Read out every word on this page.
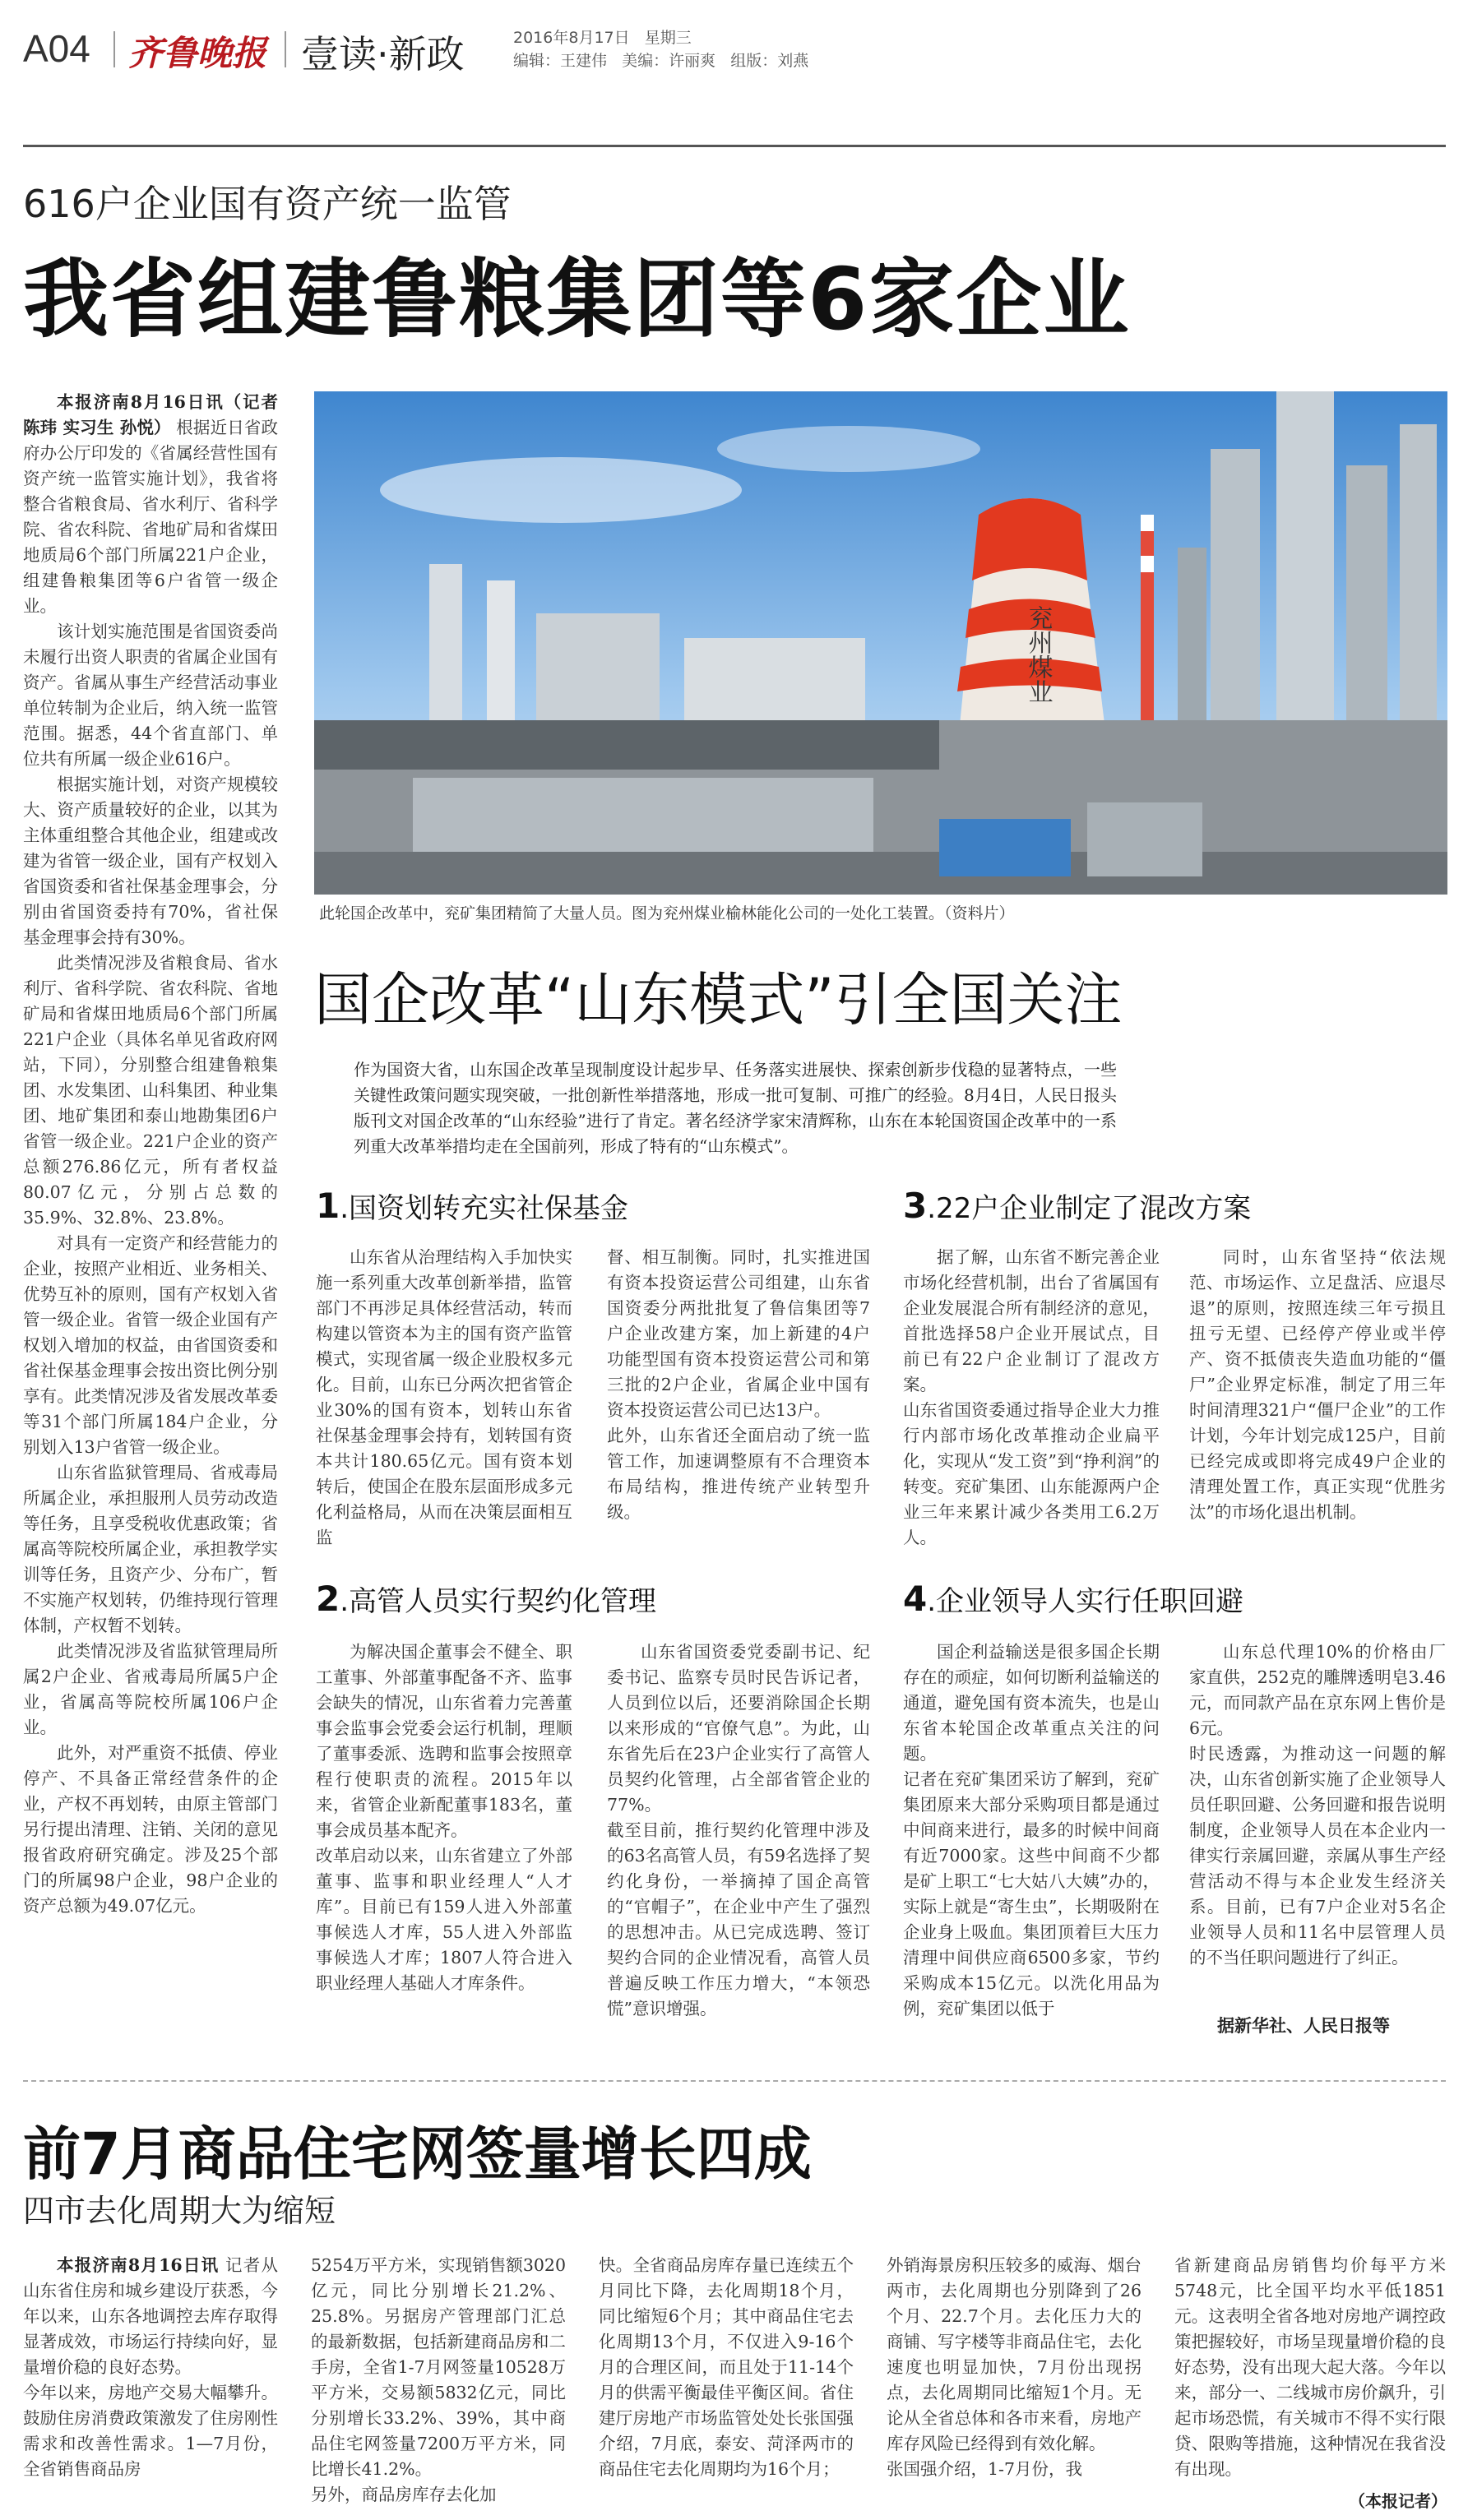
A04 齐鲁晚报 壹读·新政	2016年8月17日 星期三
编辑：王建伟 美编：许丽爽 组版：刘燕
616户企业国有资产统一监管
我省组建鲁粮集团等6家企业

本报济南8月16日讯（记者 陈玮 实习生 孙悦） 根据近日省政府办公厅印发的《省属经营性国有资产统一监管实施计划》，我省将整合省粮食局、省水利厅、省科学院、省农科院、省地矿局和省煤田地质局6个部门所属221户企业，组建鲁粮集团等6户省管一级企业。

该计划实施范围是省国资委尚未履行出资人职责的省属企业国有资产。省属从事生产经营活动事业单位转制为企业后，纳入统一监管范围。据悉，44个省直部门、单位共有所属一级企业616户。

根据实施计划，对资产规模较大、资产质量较好的企业，以其为主体重组整合其他企业，组建或改建为省管一级企业，国有产权划入省国资委和省社保基金理事会，分别由省国资委持有70%，省社保基金理事会持有30%。

此类情况涉及省粮食局、省水利厅、省科学院、省农科院、省地矿局和省煤田地质局6个部门所属221户企业（具体名单见省政府网站，下同），分别整合组建鲁粮集团、水发集团、山科集团、种业集团、地矿集团和泰山地勘集团6户省管一级企业。221户企业的资产总额276.86亿元，所有者权益80.07亿元，分别占总数的35.9%、32.8%、23.8%。

对具有一定资产和经营能力的企业，按照产业相近、业务相关、优势互补的原则，国有产权划入省管一级企业。省管一级企业国有产权划入增加的权益，由省国资委和省社保基金理事会按出资比例分别享有。此类情况涉及省发展改革委等31个部门所属184户企业，分别划入13户省管一级企业。

山东省监狱管理局、省戒毒局所属企业，承担服刑人员劳动改造等任务，且享受税收优惠政策；省属高等院校所属企业，承担教学实训等任务，且资产少、分布广，暂不实施产权划转，仍维持现行管理体制，产权暂不划转。

此类情况涉及省监狱管理局所属2户企业、省戒毒局所属5户企业，省属高等院校所属106户企业。

此外，对严重资不抵债、停业停产、不具备正常经营条件的企业，产权不再划转，由原主管部门另行提出清理、注销、关闭的意见报省政府研究确定。涉及25个部门的所属98户企业，98户企业的资产总额为49.07亿元。

兖州煤业
此轮国企改革中，兖矿集团精简了大量人员。图为兖州煤业榆林能化公司的一处化工装置。（资料片）
国企改革“山东模式”引全国关注
作为国资大省，山东国企改革呈现制度设计起步早、任务落实进展快、探索创新步伐稳的显著特点，一些关键性政策问题实现突破，一批创新性举措落地，形成一批可复制、可推广的经验。8月4日，人民日报头版刊文对国企改革的“山东经验”进行了肯定。著名经济学家宋清辉称，山东在本轮国资国企改革中的一系列重大改革举措均走在全国前列，形成了特有的“山东模式”。
1.国资划转充实社保基金
山东省从治理结构入手加快实施一系列重大改革创新举措，监管部门不再涉足具体经营活动，转而构建以管资本为主的国有资产监管模式，实现省属一级企业股权多元化。目前，山东已分两次把省管企业30%的国有资本，划转山东省社保基金理事会持有，划转国有资本共计180.65亿元。国有资本划转后，使国企在股东层面形成多元化利益格局，从而在决策层面相互监
督、相互制衡。同时，扎实推进国有资本投资运营公司组建，山东省国资委分两批批复了鲁信集团等7户企业改建方案，加上新建的4户功能型国有资本投资运营公司和第三批的2户企业，省属企业中国有资本投资运营公司已达13户。
此外，山东省还全面启动了统一监管工作，加速调整原有不合理资本布局结构，推进传统产业转型升级。
3.22户企业制定了混改方案
据了解，山东省不断完善企业市场化经营机制，出台了省属国有企业发展混合所有制经济的意见，首批选择58户企业开展试点，目前已有22户企业制订了混改方案。
山东省国资委通过指导企业大力推行内部市场化改革推动企业扁平化，实现从“发工资”到“挣利润”的转变。兖矿集团、山东能源两户企业三年来累计减少各类用工6.2万人。
同时，山东省坚持“依法规范、市场运作、立足盘活、应退尽退”的原则，按照连续三年亏损且扭亏无望、已经停产停业或半停产、资不抵债丧失造血功能的“僵尸”企业界定标准，制定了用三年时间清理321户“僵尸企业”的工作计划，今年计划完成125户，目前已经完成或即将完成49户企业的清理处置工作，真正实现“优胜劣汰”的市场化退出机制。
2.高管人员实行契约化管理
为解决国企董事会不健全、职工董事、外部董事配备不齐、监事会缺失的情况，山东省着力完善董事会监事会党委会运行机制，理顺了董事委派、选聘和监事会按照章程行使职责的流程。2015年以来，省管企业新配董事183名，董事会成员基本配齐。
改革启动以来，山东省建立了外部董事、监事和职业经理人“人才库”。目前已有159人进入外部董事候选人才库，55人进入外部监事候选人才库；1807人符合进入职业经理人基础人才库条件。
山东省国资委党委副书记、纪委书记、监察专员时民告诉记者，人员到位以后，还要消除国企长期以来形成的“官僚气息”。为此，山东省先后在23户企业实行了高管人员契约化管理，占全部省管企业的77%。
截至目前，推行契约化管理中涉及的63名高管人员，有59名选择了契约化身份，一举摘掉了国企高管的“官帽子”，在企业中产生了强烈的思想冲击。从已完成选聘、签订契约合同的企业情况看，高管人员普遍反映工作压力增大，“本领恐慌”意识增强。
4.企业领导人实行任职回避
国企利益输送是很多国企长期存在的顽症，如何切断利益输送的通道，避免国有资本流失，也是山东省本轮国企改革重点关注的问题。
记者在兖矿集团采访了解到，兖矿集团原来大部分采购项目都是通过中间商来进行，最多的时候中间商有近7000家。这些中间商不少都是矿上职工“七大姑八大姨”办的，实际上就是“寄生虫”，长期吸附在企业身上吸血。集团顶着巨大压力清理中间供应商6500多家，节约采购成本15亿元。以洗化用品为例，兖矿集团以低于
山东总代理10%的价格由厂家直供，252克的雕牌透明皂3.46元，而同款产品在京东网上售价是6元。
时民透露，为推动这一问题的解决，山东省创新实施了企业领导人员任职回避、公务回避和报告说明制度，企业领导人员在本企业内一律实行亲属回避，亲属从事生产经营活动不得与本企业发生经济关系。目前，已有7户企业对5名企业领导人员和11名中层管理人员的不当任职问题进行了纠正。
据新华社、人民日报等
前7月商品住宅网签量增长四成
四市去化周期大为缩短
本报济南8月16日讯 记者从山东省住房和城乡建设厅获悉，今年以来，山东各地调控去库存取得显著成效，市场运行持续向好，显量增价稳的良好态势。
今年以来，房地产交易大幅攀升。鼓励住房消费政策激发了住房刚性需求和改善性需求。1—7月份，全省销售商品房
5254万平方米，实现销售额3020亿元，同比分别增长21.2%、25.8%。另据房产管理部门汇总的最新数据，包括新建商品房和二手房，全省1-7月网签量10528万平方米，交易额5832亿元，同比分别增长33.2%、39%，其中商品住宅网签量7200万平方米，同比增长41.2%。
另外，商品房库存去化加
快。全省商品房库存量已连续五个月同比下降，去化周期18个月，同比缩短6个月；其中商品住宅去化周期13个月，不仅进入9-16个月的合理区间，而且处于11-14个月的供需平衡最佳平衡区间。省住建厅房地产市场监管处处长张国强介绍，7月底，泰安、菏泽两市的商品住宅去化周期均为16个月；
外销海景房积压较多的威海、烟台两市，去化周期也分别降到了26个月、22.7个月。去化压力大的商铺、写字楼等非商品住宅，去化速度也明显加快，7月份出现拐点，去化周期同比缩短1个月。无论从全省总体和各市来看，房地产库存风险已经得到有效化解。
张国强介绍，1-7月份，我
省新建商品房销售均价每平方米5748元，比全国平均水平低1851元。这表明全省各地对房地产调控政策把握较好，市场呈现量增价稳的良好态势，没有出现大起大落。今年以来，部分一、二线城市房价飙升，引起市场恐慌，有关城市不得不实行限贷、限购等措施，这种情况在我省没有出现。
（本报记者）
